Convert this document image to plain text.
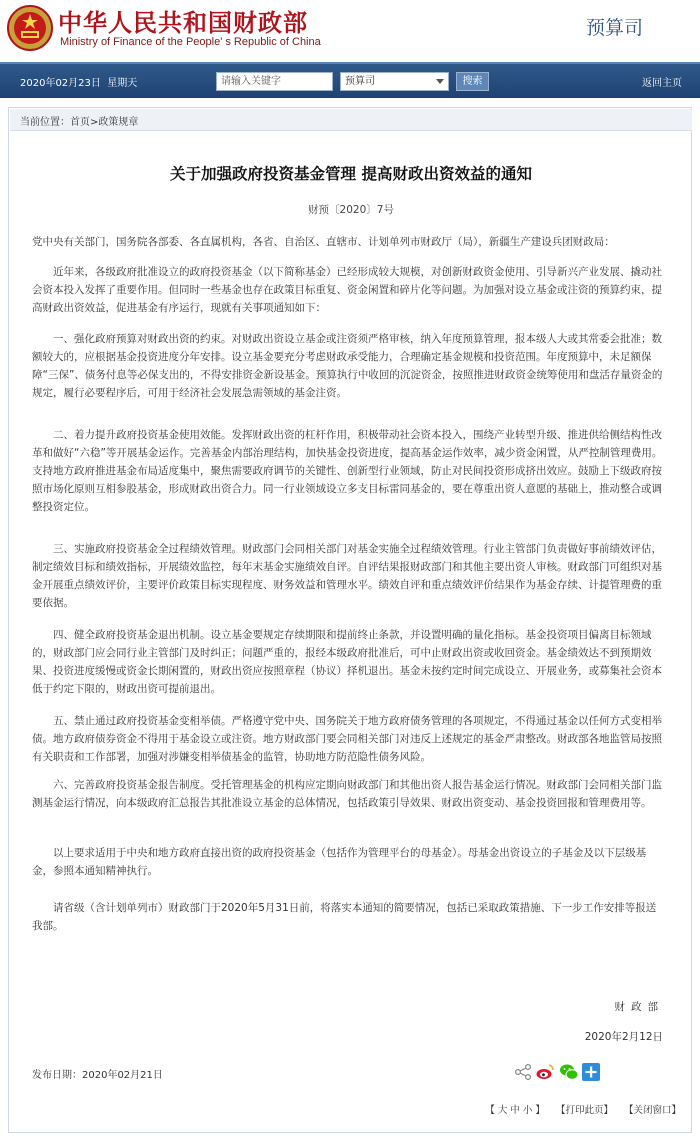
中华人民共和国财政部
Ministry of Finance of the People' s Republic of China
预算司
2020年02月23日 星期天	请输入关键字	预算司	搜索	返回主页
当前位置：首页>政策规章
关于加强政府投资基金管理 提高财政出资效益的通知
财预〔2020〕7号
党中央有关部门，国务院各部委、各直属机构，各省、自治区、直辖市、计划单列市财政厅（局），新疆生产建设兵团财政局：
近年来，各级政府批准设立的政府投资基金（以下简称基金）已经形成较大规模，对创新财政资金使用、引导新兴产业发展、撬动社会资本投入发挥了重要作用。但同时一些基金也存在政策目标重复、资金闲置和碎片化等问题。为加强对设立基金或注资的预算约束，提高财政出资效益，促进基金有序运行，现就有关事项通知如下：
一、强化政府预算对财政出资的约束。对财政出资设立基金或注资须严格审核，纳入年度预算管理，报本级人大或其常委会批准；数额较大的，应根据基金投资进度分年安排。设立基金要充分考虑财政承受能力，合理确定基金规模和投资范围。年度预算中，未足额保障“三保”、债务付息等必保支出的，不得安排资金新设基金。预算执行中收回的沉淀资金，按照推进财政资金统筹使用和盘活存量资金的规定，履行必要程序后，可用于经济社会发展急需领域的基金注资。
二、着力提升政府投资基金使用效能。发挥财政出资的杠杆作用，积极带动社会资本投入，围绕产业转型升级、推进供给侧结构性改革和做好“六稳”等开展基金运作。完善基金内部治理结构，加快基金投资进度，提高基金运作效率，减少资金闲置，从严控制管理费用。支持地方政府推进基金布局适度集中，聚焦需要政府调节的关键性、创新型行业领域，防止对民间投资形成挤出效应。鼓励上下级政府按照市场化原则互相参股基金，形成财政出资合力。同一行业领域设立多支目标雷同基金的，要在尊重出资人意愿的基础上，推动整合或调整投资定位。
三、实施政府投资基金全过程绩效管理。财政部门会同相关部门对基金实施全过程绩效管理。行业主管部门负责做好事前绩效评估，制定绩效目标和绩效指标，开展绩效监控，每年末基金实施绩效自评。自评结果报财政部门和其他主要出资人审核。财政部门可组织对基金开展重点绩效评价，主要评价政策目标实现程度、财务效益和管理水平。绩效自评和重点绩效评价结果作为基金存续、计提管理费的重要依据。
四、健全政府投资基金退出机制。设立基金要规定存续期限和提前终止条款，并设置明确的量化指标。基金投资项目偏离目标领域的，财政部门应会同行业主管部门及时纠正；问题严重的，报经本级政府批准后，可中止财政出资或收回资金。基金绩效达不到预期效果、投资进度缓慢或资金长期闲置的，财政出资应按照章程（协议）择机退出。基金未按约定时间完成设立、开展业务，或募集社会资本低于约定下限的，财政出资可提前退出。
五、禁止通过政府投资基金变相举债。严格遵守党中央、国务院关于地方政府债务管理的各项规定，不得通过基金以任何方式变相举债。地方政府债券资金不得用于基金设立或注资。地方财政部门要会同相关部门对违反上述规定的基金严肃整改。财政部各地监管局按照有关职责和工作部署，加强对涉嫌变相举债基金的监管，协助地方防范隐性债务风险。
六、完善政府投资基金报告制度。受托管理基金的机构应定期向财政部门和其他出资人报告基金运行情况。财政部门会同相关部门监测基金运行情况，向本级政府汇总报告其批准设立基金的总体情况，包括政策引导效果、财政出资变动、基金投资回报和管理费用等。
以上要求适用于中央和地方政府直接出资的政府投资基金（包括作为管理平台的母基金）。母基金出资设立的子基金及以下层级基金，参照本通知精神执行。
请省级（含计划单列市）财政部门于2020年5月31日前，将落实本通知的简要情况，包括已采取政策措施、下一步工作安排等报送我部。
财政部
2020年2月12日
发布日期：2020年02月21日
【 大 中 小 】 【打印此页】 【关闭窗口】
